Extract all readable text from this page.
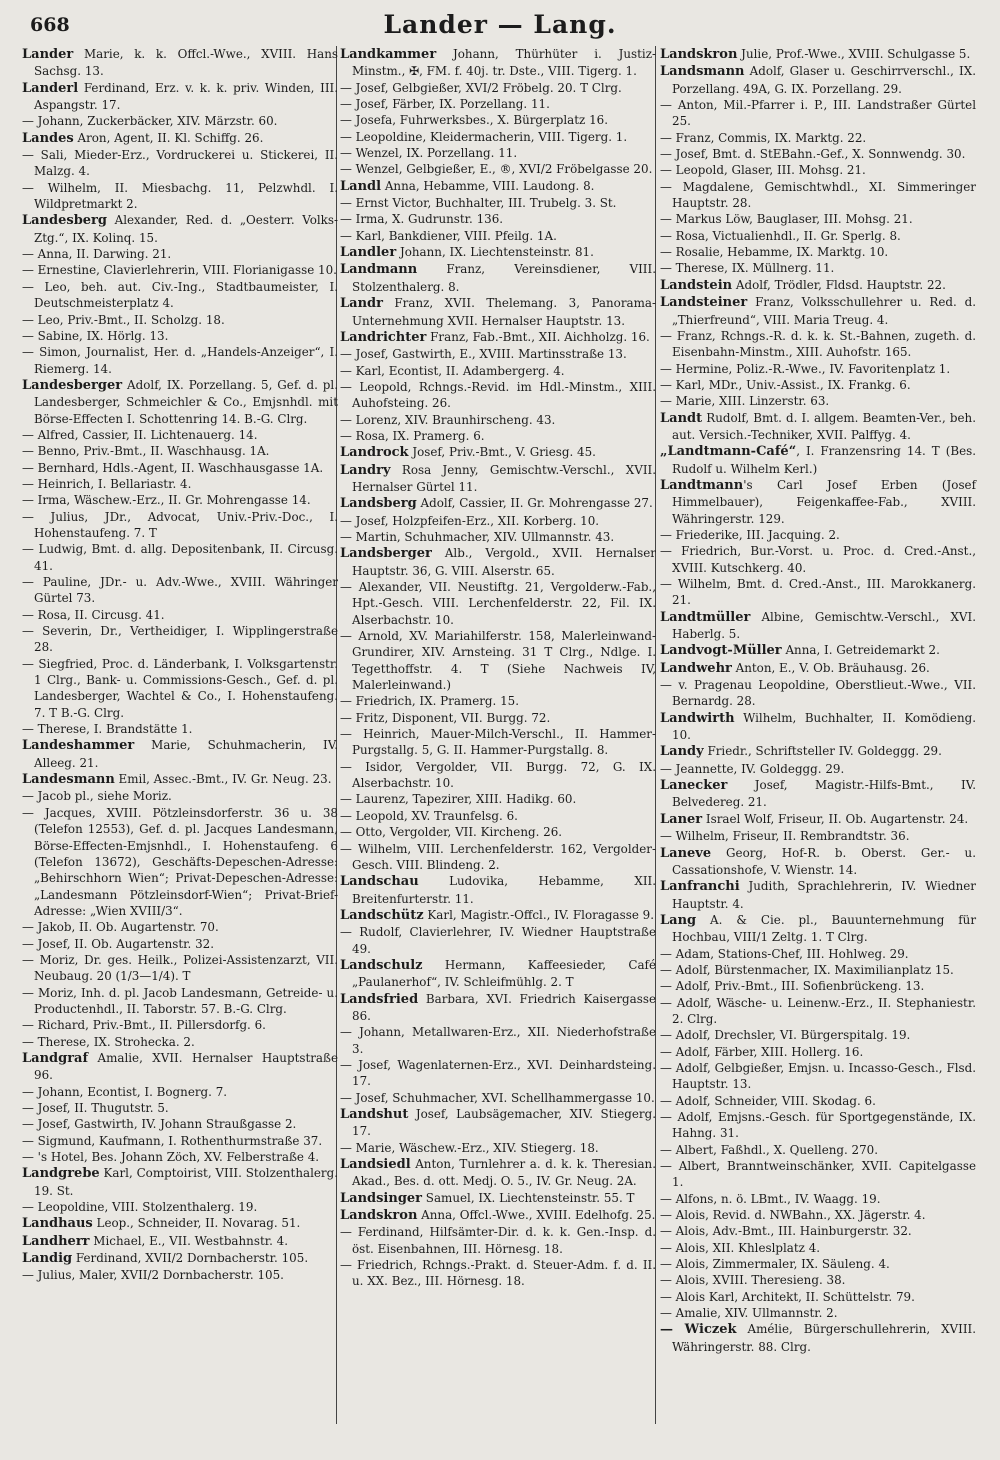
668	Lander — Lang.
Lander Marie, k. k. Offcl.-Wwe., XVIII. Hans Sachsg. 13.
Landerl Ferdinand, Erz. v. k. k. priv. Winden, III. Aspangstr. 17.
— Johann, Zuckerbäcker, XIV. Märzstr. 60.
Landes Aron, Agent, II. Kl. Schiffg. 26.
— Sali, Mieder-Erz., Vordruckerei u. Stickerei, II. Malzg. 4.
— Wilhelm, II. Miesbachg. 11, Pelzwhdl. I. Wildpretmarkt 2.
Landesberg Alexander, Red. d. „Oesterr. Volks-Ztg.“, IX. Kolinq. 15.
— Anna, II. Darwing. 21.
— Ernestine, Clavierlehrerin, VIII. Florianigasse 10.
— Leo, beh. aut. Civ.-Ing., Stadtbaumeister, I. Deutschmeisterplatz 4.
— Leo, Priv.-Bmt., II. Scholzg. 18.
— Sabine, IX. Hörlg. 13.
— Simon, Journalist, Her. d. „Handels-Anzeiger“, I. Riemerg. 14.
Landesberger Adolf, IX. Porzellang. 5, Gef. d. pl. Landesberger, Schmeichler & Co., Emjsnhdl. mit Börse-Effecten I. Schottenring 14. B.-G. Clrg.
— Alfred, Cassier, II. Lichtenauerg. 14.
— Benno, Priv.-Bmt., II. Waschhausg. 1A.
— Bernhard, Hdls.-Agent, II. Waschhausgasse 1A.
— Heinrich, I. Bellariastr. 4.
— Irma, Wäschew.-Erz., II. Gr. Mohrengasse 14.
— Julius, JDr., Advocat, Univ.-Priv.-Doc., I. Hohenstaufeng. 7. T
— Ludwig, Bmt. d. allg. Depositenbank, II. Circusg. 41.
— Pauline, JDr.- u. Adv.-Wwe., XVIII. Währinger Gürtel 73.
— Rosa, II. Circusg. 41.
— Severin, Dr., Vertheidiger, I. Wipplingerstraße 28.
— Siegfried, Proc. d. Länderbank, I. Volksgartenstr. 1 Clrg., Bank- u. Commissions-Gesch., Gef. d. pl. Landesberger, Wachtel & Co., I. Hohenstaufeng. 7. T B.-G. Clrg.
— Therese, I. Brandstätte 1.
Landeshammer Marie, Schuhmacherin, IV. Alleeg. 21.
Landesmann Emil, Assec.-Bmt., IV. Gr. Neug. 23.
— Jacob pl., siehe Moriz.
— Jacques, XVIII. Pötzleinsdorferstr. 36 u. 38 (Telefon 12553), Gef. d. pl. Jacques Landesmann, Börse-Effecten-Emjsnhdl., I. Hohenstaufeng. 6 (Telefon 13672), Geschäfts-Depeschen-Adresse: „Behirschhorn Wien“; Privat-Depeschen-Adresse: „Landesmann Pötzleinsdorf-Wien“; Privat-Brief-Adresse: „Wien XVIII/3“.
— Jakob, II. Ob. Augartenstr. 70.
— Josef, II. Ob. Augartenstr. 32.
— Moriz, Dr. ges. Heilk., Polizei-Assistenzarzt, VII. Neubaug. 20 (1/3—1/4). T
— Moriz, Inh. d. pl. Jacob Landesmann, Getreide- u. Productenhdl., II. Taborstr. 57. B.-G. Clrg.
— Richard, Priv.-Bmt., II. Pillersdorfg. 6.
— Therese, IX. Strohecka. 2.
Landgraf Amalie, XVII. Hernalser Hauptstraße 96.
— Johann, Econtist, I. Bognerg. 7.
— Josef, II. Thugutstr. 5.
— Josef, Gastwirth, IV. Johann Straußgasse 2.
— Sigmund, Kaufmann, I. Rothenthurmstraße 37.
— 's Hotel, Bes. Johann Zöch, XV. Felberstraße 4.
Landgrebe Karl, Comptoirist, VIII. Stolzenthalerg. 19. St.
— Leopoldine, VIII. Stolzenthalerg. 19.
Landhaus Leop., Schneider, II. Novarag. 51.
Landherr Michael, E., VII. Westbahnstr. 4.
Landig Ferdinand, XVII/2 Dornbacherstr. 105.
— Julius, Maler, XVII/2 Dornbacherstr. 105.
Landkammer Johann, Thürhüter i. Justiz-Minstm., ✠, FM. f. 40j. tr. Dste., VIII. Tigerg. 1.
— Josef, Gelbgießer, XVI/2 Fröbelg. 20. T Clrg.
— Josef, Färber, IX. Porzellang. 11.
— Josefa, Fuhrwerksbes., X. Bürgerplatz 16.
— Leopoldine, Kleidermacherin, VIII. Tigerg. 1.
— Wenzel, IX. Porzellang. 11.
— Wenzel, Gelbgießer, E., ®, XVI/2 Fröbelgasse 20.
Landl Anna, Hebamme, VIII. Laudong. 8.
— Ernst Victor, Buchhalter, III. Trubelg. 3. St.
— Irma, X. Gudrunstr. 136.
— Karl, Bankdiener, VIII. Pfeilg. 1A.
Landler Johann, IX. Liechtensteinstr. 81.
Landmann Franz, Vereinsdiener, VIII. Stolzenthalerg. 8.
Landr Franz, XVII. Thelemang. 3, Panorama-Unternehmung XVII. Hernalser Hauptstr. 13.
Landrichter Franz, Fab.-Bmt., XII. Aichholzg. 16.
— Josef, Gastwirth, E., XVIII. Martinsstraße 13.
— Karl, Econtist, II. Adambergerg. 4.
— Leopold, Rchngs.-Revid. im Hdl.-Minstm., XIII. Auhofsteing. 26.
— Lorenz, XIV. Braunhirscheng. 43.
— Rosa, IX. Pramerg. 6.
Landrock Josef, Priv.-Bmt., V. Griesg. 45.
Landry Rosa Jenny, Gemischtw.-Verschl., XVII. Hernalser Gürtel 11.
Landsberg Adolf, Cassier, II. Gr. Mohrengasse 27.
— Josef, Holzpfeifen-Erz., XII. Korberg. 10.
— Martin, Schuhmacher, XIV. Ullmannstr. 43.
Landsberger Alb., Vergold., XVII. Hernalser Hauptstr. 36, G. VIII. Alserstr. 65.
— Alexander, VII. Neustiftg. 21, Vergolderw.-Fab., Hpt.-Gesch. VIII. Lerchenfelderstr. 22, Fil. IX. Alserbachstr. 10.
— Arnold, XV. Mariahilferstr. 158, Malerleinwand-Grundirer, XIV. Arnsteing. 31 T Clrg., Ndlge. I. Tegetthoffstr. 4. T (Siehe Nachweis IV, Malerleinwand.)
— Friedrich, IX. Pramerg. 15.
— Fritz, Disponent, VII. Burgg. 72.
— Heinrich, Mauer-Milch-Verschl., II. Hammer-Purgstallg. 5, G. II. Hammer-Purgstallg. 8.
— Isidor, Vergolder, VII. Burgg. 72, G. IX. Alserbachstr. 10.
— Laurenz, Tapezirer, XIII. Hadikg. 60.
— Leopold, XV. Traunfelsg. 6.
— Otto, Vergolder, VII. Kircheng. 26.
— Wilhelm, VIII. Lerchenfelderstr. 162, Vergolder-Gesch. VIII. Blindeng. 2.
Landschau Ludovika, Hebamme, XII. Breitenfurterstr. 11.
Landschütz Karl, Magistr.-Offcl., IV. Floragasse 9.
— Rudolf, Clavierlehrer, IV. Wiedner Hauptstraße 49.
Landschulz Hermann, Kaffeesieder, Café „Paulanerhof“, IV. Schleifmühlg. 2. T
Landsfried Barbara, XVI. Friedrich Kaisergasse 86.
— Johann, Metallwaren-Erz., XII. Niederhofstraße 3.
— Josef, Wagenlaternen-Erz., XVI. Deinhardsteing. 17.
— Josef, Schuhmacher, XVI. Schellhammergasse 10.
Landshut Josef, Laubsägemacher, XIV. Stiegerg. 17.
— Marie, Wäschew.-Erz., XIV. Stiegerg. 18.
Landsiedl Anton, Turnlehrer a. d. k. k. Theresian. Akad., Bes. d. ott. Medj. O. 5., IV. Gr. Neug. 2A.
Landsinger Samuel, IX. Liechtensteinstr. 55. T
Landskron Anna, Offcl.-Wwe., XVIII. Edelhofg. 25.
— Ferdinand, Hilfsämter-Dir. d. k. k. Gen.-Insp. d. öst. Eisenbahnen, III. Hörnesg. 18.
— Friedrich, Rchngs.-Prakt. d. Steuer-Adm. f. d. II. u. XX. Bez., III. Hörnesg. 18.
Landskron Julie, Prof.-Wwe., XVIII. Schulgasse 5.
Landsmann Adolf, Glaser u. Geschirrverschl., IX. Porzellang. 49A, G. IX. Porzellang. 29.
— Anton, Mil.-Pfarrer i. P., III. Landstraßer Gürtel 25.
— Franz, Commis, IX. Marktg. 22.
— Josef, Bmt. d. StEBahn.-Gef., X. Sonnwendg. 30.
— Leopold, Glaser, III. Mohsg. 21.
— Magdalene, Gemischtwhdl., XI. Simmeringer Hauptstr. 28.
— Markus Löw, Bauglaser, III. Mohsg. 21.
— Rosa, Victualienhdl., II. Gr. Sperlg. 8.
— Rosalie, Hebamme, IX. Marktg. 10.
— Therese, IX. Müllnerg. 11.
Landstein Adolf, Trödler, Fldsd. Hauptstr. 22.
Landsteiner Franz, Volksschullehrer u. Red. d. „Thierfreund“, VIII. Maria Treug. 4.
— Franz, Rchngs.-R. d. k. k. St.-Bahnen, zugeth. d. Eisenbahn-Minstm., XIII. Auhofstr. 165.
— Hermine, Poliz.-R.-Wwe., IV. Favoritenplatz 1.
— Karl, MDr., Univ.-Assist., IX. Frankg. 6.
— Marie, XIII. Linzerstr. 63.
Landt Rudolf, Bmt. d. I. allgem. Beamten-Ver., beh. aut. Versich.-Techniker, XVII. Palffyg. 4.
„Landtmann-Café“, I. Franzensring 14. T (Bes. Rudolf u. Wilhelm Kerl.)
Landtmann's Carl Josef Erben (Josef Himmelbauer), Feigenkaffee-Fab., XVIII. Währingerstr. 129.
— Friederike, III. Jacquing. 2.
— Friedrich, Bur.-Vorst. u. Proc. d. Cred.-Anst., XVIII. Kutschkerg. 40.
— Wilhelm, Bmt. d. Cred.-Anst., III. Marokkanerg. 21.
Landtmüller Albine, Gemischtw.-Verschl., XVI. Haberlg. 5.
Landvogt-Müller Anna, I. Getreidemarkt 2.
Landwehr Anton, E., V. Ob. Bräuhausg. 26.
— v. Pragenau Leopoldine, Oberstlieut.-Wwe., VII. Bernardg. 28.
Landwirth Wilhelm, Buchhalter, II. Komödieng. 10.
Landy Friedr., Schriftsteller IV. Goldeggg. 29.
— Jeannette, IV. Goldeggg. 29.
Lanecker Josef, Magistr.-Hilfs-Bmt., IV. Belvedereg. 21.
Laner Israel Wolf, Friseur, II. Ob. Augartenstr. 24.
— Wilhelm, Friseur, II. Rembrandtstr. 36.
Laneve Georg, Hof-R. b. Oberst. Ger.- u. Cassationshofe, V. Wienstr. 14.
Lanfranchi Judith, Sprachlehrerin, IV. Wiedner Hauptstr. 4.
Lang A. & Cie. pl., Bauunternehmung für Hochbau, VIII/1 Zeltg. 1. T Clrg.
— Adam, Stations-Chef, III. Hohlweg. 29.
— Adolf, Bürstenmacher, IX. Maximilianplatz 15.
— Adolf, Priv.-Bmt., III. Sofienbrückeng. 13.
— Adolf, Wäsche- u. Leinenw.-Erz., II. Stephaniestr. 2. Clrg.
— Adolf, Drechsler, VI. Bürgerspitalg. 19.
— Adolf, Färber, XIII. Hollerg. 16.
— Adolf, Gelbgießer, Emjsn. u. Incasso-Gesch., Flsd. Hauptstr. 13.
— Adolf, Schneider, VIII. Skodag. 6.
— Adolf, Emjsns.-Gesch. für Sportgegenstände, IX. Hahng. 31.
— Albert, Faßhdl., X. Quelleng. 270.
— Albert, Branntweinschänker, XVII. Capitelgasse 1.
— Alfons, n. ö. LBmt., IV. Waagg. 19.
— Alois, Revid. d. NWBahn., XX. Jägerstr. 4.
— Alois, Adv.-Bmt., III. Hainburgerstr. 32.
— Alois, XII. Khleslplatz 4.
— Alois, Zimmermaler, IX. Säuleng. 4.
— Alois, XVIII. Theresieng. 38.
— Alois Karl, Architekt, II. Schüttelstr. 79.
— Amalie, XIV. Ullmannstr. 2.
— Wiczek Amélie, Bürgerschullehrerin, XVIII. Währingerstr. 88. Clrg.
